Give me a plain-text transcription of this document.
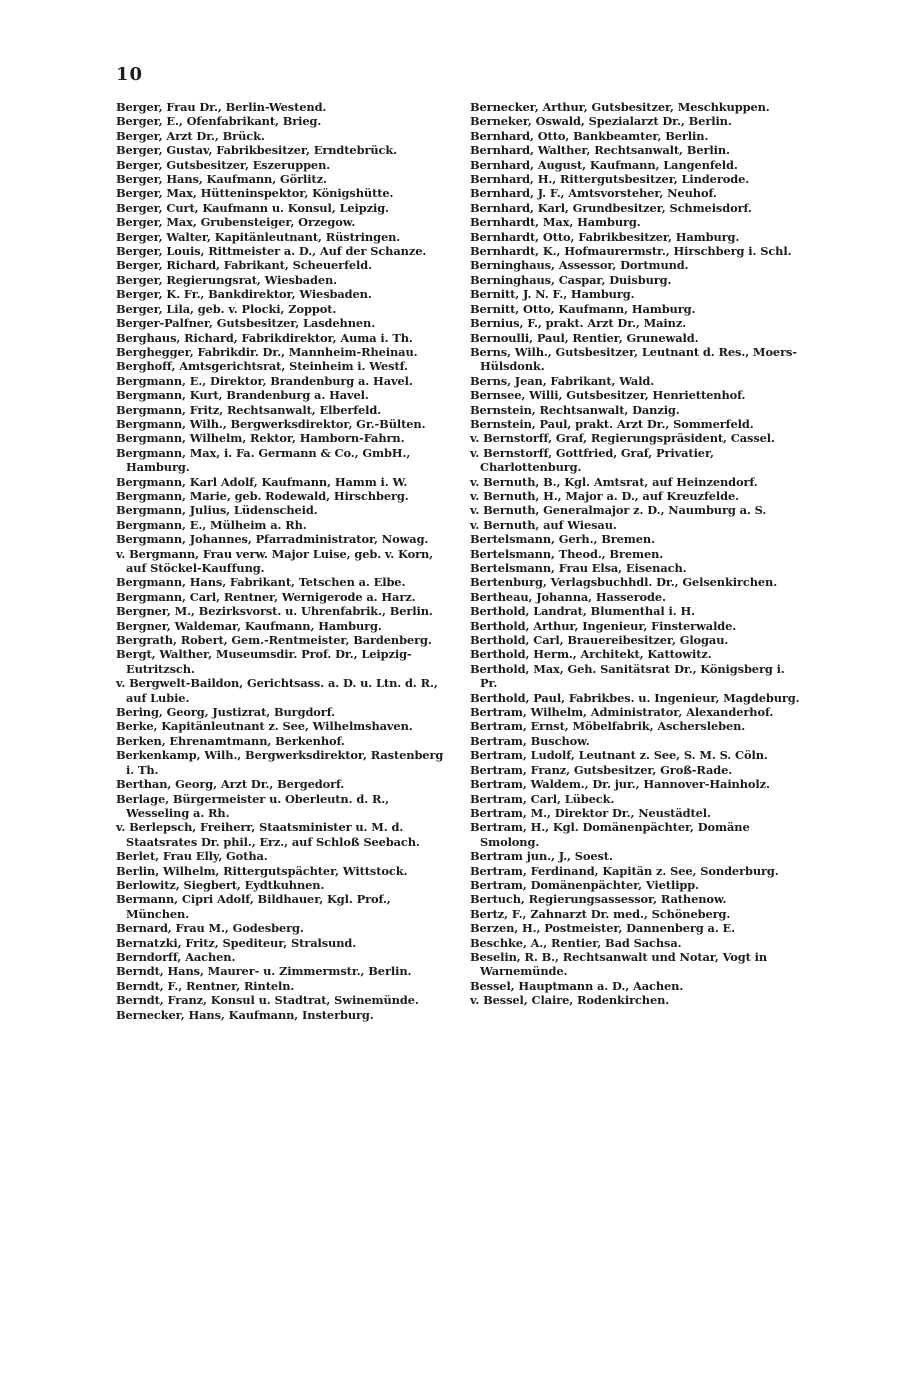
10
Berger, Frau Dr., Berlin-Westend.
Berger, E., Ofenfabrikant, Brieg.
Berger, Arzt Dr., Brück.
Berger, Gustav, Fabrikbesitzer, Erndtebrück.
Berger, Gutsbesitzer, Eszeruppen.
Berger, Hans, Kaufmann, Görlitz.
Berger, Max, Hütteninspektor, Königshütte.
Berger, Curt, Kaufmann u. Konsul, Leipzig.
Berger, Max, Grubensteiger, Orzegow.
Berger, Walter, Kapitänleutnant, Rüstringen.
Berger, Louis, Rittmeister a. D., Auf der Schanze.
Berger, Richard, Fabrikant, Scheuerfeld.
Berger, Regierungsrat, Wiesbaden.
Berger, K. Fr., Bankdirektor, Wiesbaden.
Berger, Lila, geb. v. Plocki, Zoppot.
Berger-Palfner, Gutsbesitzer, Lasdehnen.
Berghaus, Richard, Fabrikdirektor, Auma i. Th.
Berghegger, Fabrikdir. Dr., Mannheim-Rheinau.
Berghoff, Amtsgerichtsrat, Steinheim i. Westf.
Bergmann, E., Direktor, Brandenburg a. Havel.
Bergmann, Kurt, Brandenburg a. Havel.
Bergmann, Fritz, Rechtsanwalt, Elberfeld.
Bergmann, Wilh., Bergwerksdirektor, Gr.-Bülten.
Bergmann, Wilhelm, Rektor, Hamborn-Fahrn.
Bergmann, Max, i. Fa. Germann & Co., GmbH., Hamburg.
Bergmann, Karl Adolf, Kaufmann, Hamm i. W.
Bergmann, Marie, geb. Rodewald, Hirschberg.
Bergmann, Julius, Lüdenscheid.
Bergmann, E., Mülheim a. Rh.
Bergmann, Johannes, Pfarradministrator, Nowag.
v. Bergmann, Frau verw. Major Luise, geb. v. Korn, auf Stöckel-Kauffung.
Bergmann, Hans, Fabrikant, Tetschen a. Elbe.
Bergmann, Carl, Rentner, Wernigerode a. Harz.
Bergner, M., Bezirksvorst. u. Uhrenfabrik., Berlin.
Bergner, Waldemar, Kaufmann, Hamburg.
Bergrath, Robert, Gem.-Rentmeister, Bardenberg.
Bergt, Walther, Museumsdir. Prof. Dr., Leipzig-Eutritzsch.
v. Bergwelt-Baildon, Gerichtsass. a. D. u. Ltn. d. R., auf Lubie.
Bering, Georg, Justizrat, Burgdorf.
Berke, Kapitänleutnant z. See, Wilhelmshaven.
Berken, Ehrenamtmann, Berkenhof.
Berkenkamp, Wilh., Bergwerksdirektor, Rastenberg i. Th.
Berthan, Georg, Arzt Dr., Bergedorf.
Berlage, Bürgermeister u. Oberleutn. d. R., Wesseling a. Rh.
v. Berlepsch, Freiherr, Staatsminister u. M. d. Staatsrates Dr. phil., Erz., auf Schloß Seebach.
Berlet, Frau Elly, Gotha.
Berlin, Wilhelm, Rittergutspächter, Wittstock.
Berlowitz, Siegbert, Eydtkuhnen.
Bermann, Cipri Adolf, Bildhauer, Kgl. Prof., München.
Bernard, Frau M., Godesberg.
Bernatzki, Fritz, Spediteur, Stralsund.
Berndorff, Aachen.
Berndt, Hans, Maurer- u. Zimmermstr., Berlin.
Berndt, F., Rentner, Rinteln.
Berndt, Franz, Konsul u. Stadtrat, Swinemünde.
Bernecker, Hans, Kaufmann, Insterburg.
Bernecker, Arthur, Gutsbesitzer, Meschkuppen.
Berneker, Oswald, Spezialarzt Dr., Berlin.
Bernhard, Otto, Bankbeamter, Berlin.
Bernhard, Walther, Rechtsanwalt, Berlin.
Bernhard, August, Kaufmann, Langenfeld.
Bernhard, H., Rittergutsbesitzer, Linderode.
Bernhard, J. F., Amtsvorsteher, Neuhof.
Bernhard, Karl, Grundbesitzer, Schmeisdorf.
Bernhardt, Max, Hamburg.
Bernhardt, Otto, Fabrikbesitzer, Hamburg.
Bernhardt, K., Hofmaurermstr., Hirschberg i. Schl.
Berninghaus, Assessor, Dortmund.
Berninghaus, Caspar, Duisburg.
Bernitt, J. N. F., Hamburg.
Bernitt, Otto, Kaufmann, Hamburg.
Bernius, F., prakt. Arzt Dr., Mainz.
Bernoulli, Paul, Rentier, Grunewald.
Berns, Wilh., Gutsbesitzer, Leutnant d. Res., Moers-Hülsdonk.
Berns, Jean, Fabrikant, Wald.
Bernsee, Willi, Gutsbesitzer, Henriettenhof.
Bernstein, Rechtsanwalt, Danzig.
Bernstein, Paul, prakt. Arzt Dr., Sommerfeld.
v. Bernstorff, Graf, Regierungspräsident, Cassel.
v. Bernstorff, Gottfried, Graf, Privatier, Charlottenburg.
v. Bernuth, B., Kgl. Amtsrat, auf Heinzendorf.
v. Bernuth, H., Major a. D., auf Kreuzfelde.
v. Bernuth, Generalmajor z. D., Naumburg a. S.
v. Bernuth, auf Wiesau.
Bertelsmann, Gerh., Bremen.
Bertelsmann, Theod., Bremen.
Bertelsmann, Frau Elsa, Eisenach.
Bertenburg, Verlagsbuchhdl. Dr., Gelsenkirchen.
Bertheau, Johanna, Hasserode.
Berthold, Landrat, Blumenthal i. H.
Berthold, Arthur, Ingenieur, Finsterwalde.
Berthold, Carl, Brauereibesitzer, Glogau.
Berthold, Herm., Architekt, Kattowitz.
Berthold, Max, Geh. Sanitätsrat Dr., Königsberg i. Pr.
Berthold, Paul, Fabrikbes. u. Ingenieur, Magdeburg.
Bertram, Wilhelm, Administrator, Alexanderhof.
Bertram, Ernst, Möbelfabrik, Aschersleben.
Bertram, Buschow.
Bertram, Ludolf, Leutnant z. See, S. M. S. Cöln.
Bertram, Franz, Gutsbesitzer, Groß-Rade.
Bertram, Waldem., Dr. jur., Hannover-Hainholz.
Bertram, Carl, Lübeck.
Bertram, M., Direktor Dr., Neustädtel.
Bertram, H., Kgl. Domänenpächter, Domäne Smolong.
Bertram jun., J., Soest.
Bertram, Ferdinand, Kapitän z. See, Sonderburg.
Bertram, Domänenpächter, Vietlipp.
Bertuch, Regierungsassessor, Rathenow.
Bertz, F., Zahnarzt Dr. med., Schöneberg.
Berzen, H., Postmeister, Dannenberg a. E.
Beschke, A., Rentier, Bad Sachsa.
Beselin, R. B., Rechtsanwalt und Notar, Vogt in Warnemünde.
Bessel, Hauptmann a. D., Aachen.
v. Bessel, Claire, Rodenkirchen.
